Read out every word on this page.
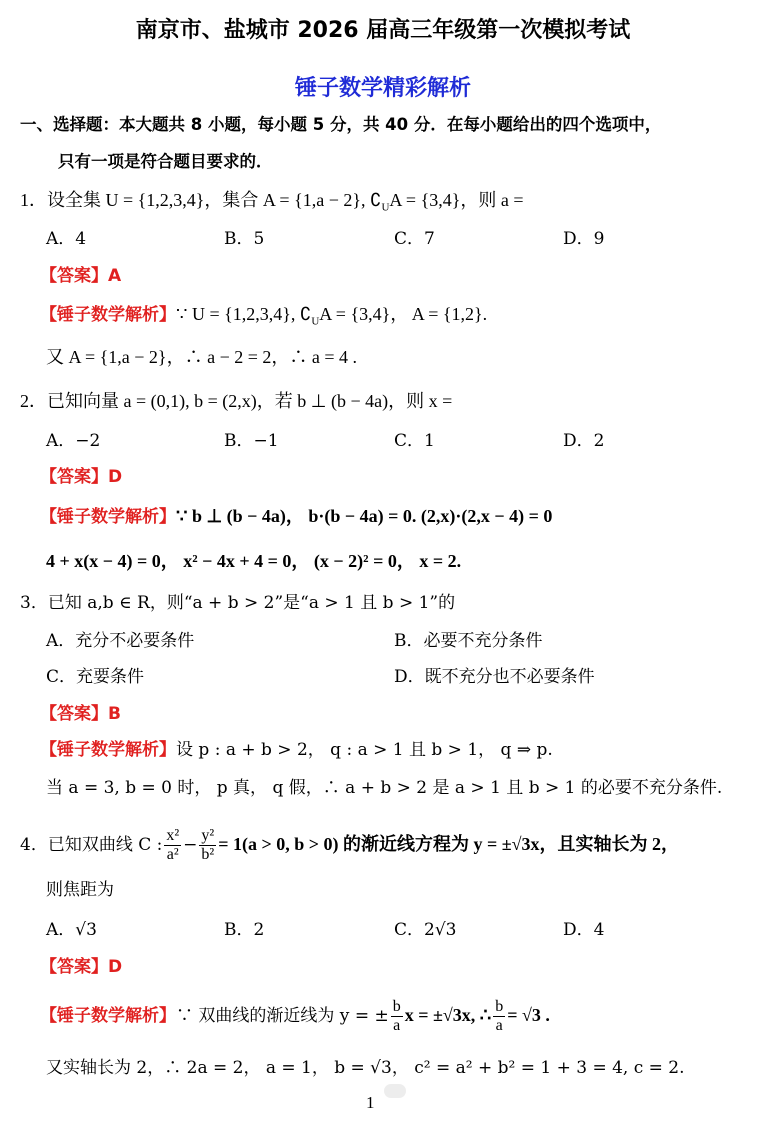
南京市、盐城市 2026 届高三年级第一次模拟考试
锤子数学精彩解析
一、选择题：本大题共 8 小题，每小题 5 分，共 40 分．在每小题给出的四个选项中，
只有一项是符合题目要求的．
1．设全集 U = {1,2,3,4}，集合 A = {1,a − 2}, $∁_UA = \{3,4\}$，则 a =
A．4	B．5	C．7	D．9
【答案】A
【锤子数学解析】∵ U = {1,2,3,4}, $∁_UA = \{3,4\}$， A = {1,2}.
又 A = {1,a − 2}，∴ a − 2 = 2，∴ a = 4 .
2．已知向量 a = (0,1), b = (2,x)，若 b ⊥ (b − 4a)，则 x =
A．−2	B．−1	C．1	D．2
【答案】D
【锤子数学解析】∵ b ⊥ (b − 4a)， b·(b − 4a) = 0. (2,x)·(2,x − 4) = 0
4 + x(x − 4) = 0， x² − 4x + 4 = 0， (x − 2)² = 0， x = 2.
3．已知 a,b ∈ R，则“a + b > 2”是“a > 1 且 b > 1”的
A．充分不必要条件	B．必要不充分条件
C．充要条件	D．既不充分也不必要条件
【答案】B
【锤子数学解析】设 p : a + b > 2， q : a > 1 且 b > 1， q ⇒ p.
当 a = 3, b = 0 时， p 真， q 假，∴ a + b > 2 是 a > 1 且 b > 1 的必要不充分条件.
4．已知双曲线 C : $\frac{\text{x²}}{\text{a²}} - \frac{\text{y²}}{\text{b²}} = 1(a > 0$, b > 0) 的渐近线方程为 y = ±√3x，且实轴长为 2，
则焦距为
A．√3	B．2	C．2√3	D．4
【答案】D
【锤子数学解析】∵ 双曲线的渐近线为 y = ± $\frac{b}{a}$ x = ±√3x, ∴ $\frac{b}{a} = √3$ .
又实轴长为 2，∴ 2a = 2， a = 1， b = √3， c² = a² + b² = 1 + 3 = 4, c = 2.
1
